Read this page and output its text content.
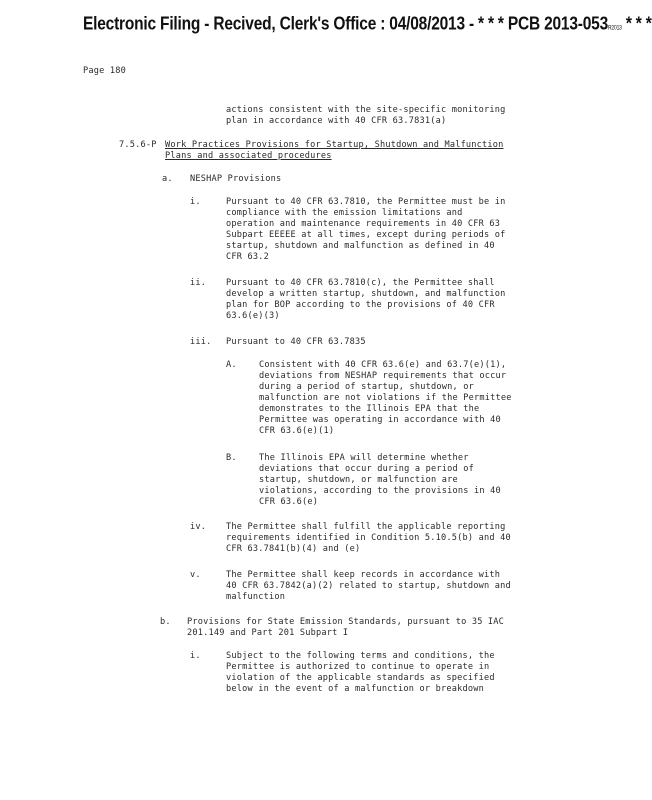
Electronic Filing - Recived, Clerk's Office : 04/08/2013 - * * * PCB 2013-053R2013 * * *
Page 180
actions consistent with the site-specific monitoring
plan in accordance with 40 CFR 63.7831(a)
7.5.6-P Work Practices Provisions for Startup, Shutdown and Malfunction
Plans and associated procedures
a. NESHAP Provisions
i.	Pursuant to 40 CFR 63.7810, the Permittee must be in
compliance with the emission limitations and
operation and maintenance requirements in 40 CFR 63
Subpart EEEEE at all times, except during periods of
startup, shutdown and malfunction as defined in 40
CFR 63.2
ii. Pursuant to 40 CFR 63.7810(c), the Permittee shall
develop a written startup, shutdown, and malfunction
plan for BOP according to the provisions of 40 CFR
63.6(e)(3)
iii. Pursuant to 40 CFR 63.7835
A.	Consistent with 40 CFR 63.6(e) and 63.7(e)(1),
deviations from NESHAP requirements that occur
during a period of startup, shutdown, or
malfunction are not violations if the Permittee
demonstrates to the Illinois EPA that the
Permittee was operating in accordance with 40
CFR 63.6(e)(1)
B.	The Illinois EPA will determine whether
deviations that occur during a period of
startup, shutdown, or malfunction are
violations, according to the provisions in 40
CFR 63.6(e)
iv. The Permittee shall fulfill the applicable reporting
requirements identified in Condition 5.10.5(b) and 40
CFR 63.7841(b)(4) and (e)
v.	The Permittee shall keep records in accordance with
40 CFR 63.7842(a)(2) related to startup, shutdown and
malfunction
b. Provisions for State Emission Standards, pursuant to 35 IAC
201.149 and Part 201 Subpart I
i.	Subject to the following terms and conditions, the
Permittee is authorized to continue to operate in
violation of the applicable standards as specified
below in the event of a malfunction or breakdown
